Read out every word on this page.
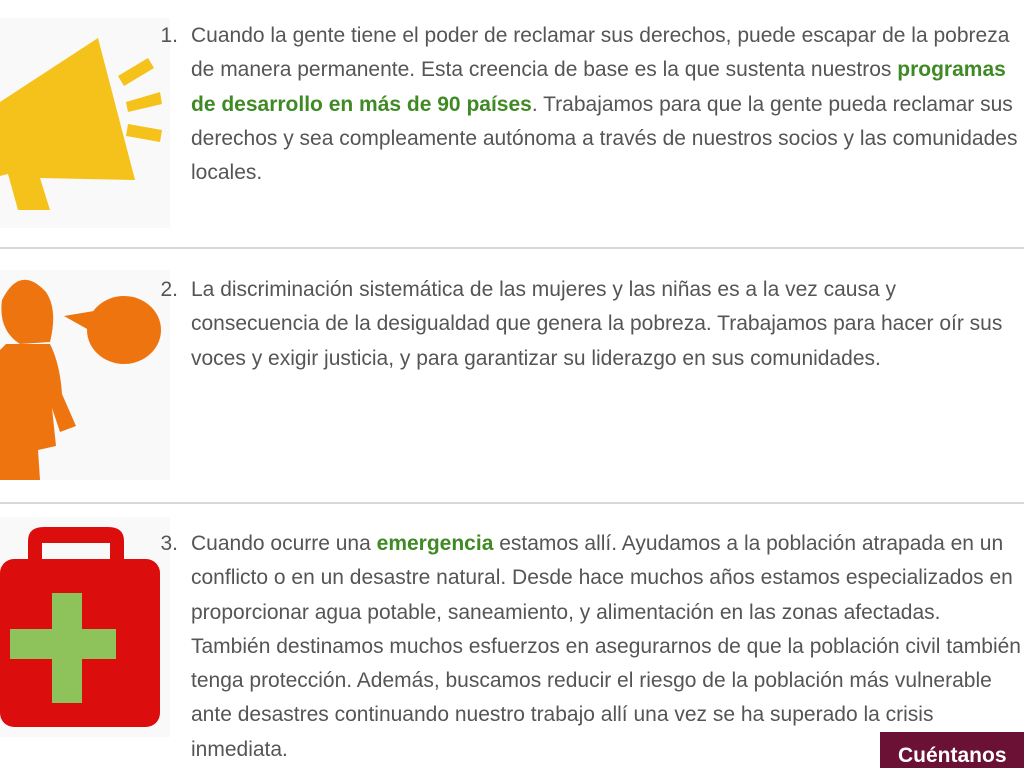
1. Cuando la gente tiene el poder de reclamar sus derechos, puede escapar de la pobreza de manera permanente. Esta creencia de base es la que sustenta nuestros programas de desarrollo en más de 90 países. Trabajamos para que la gente pueda reclamar sus derechos y sea compleamente autónoma a través de nuestros socios y las comunidades locales.
2. La discriminación sistemática de las mujeres y las niñas es a la vez causa y consecuencia de la desigualdad que genera la pobreza. Trabajamos para hacer oír sus voces y exigir justicia, y para garantizar su liderazgo en sus comunidades.
3. Cuando ocurre una emergencia estamos allí. Ayudamos a la población atrapada en un conflicto o en un desastre natural. Desde hace muchos años estamos especializados en proporcionar agua potable, saneamiento, y alimentación en las zonas afectadas. También destinamos muchos esfuerzos en asegurarnos de que la población civil también tenga protección. Además, buscamos reducir el riesgo de la población más vulnerable ante desastres continuando nuestro trabajo allí una vez se ha superado la crisis inmediata.	Cuéntanos
